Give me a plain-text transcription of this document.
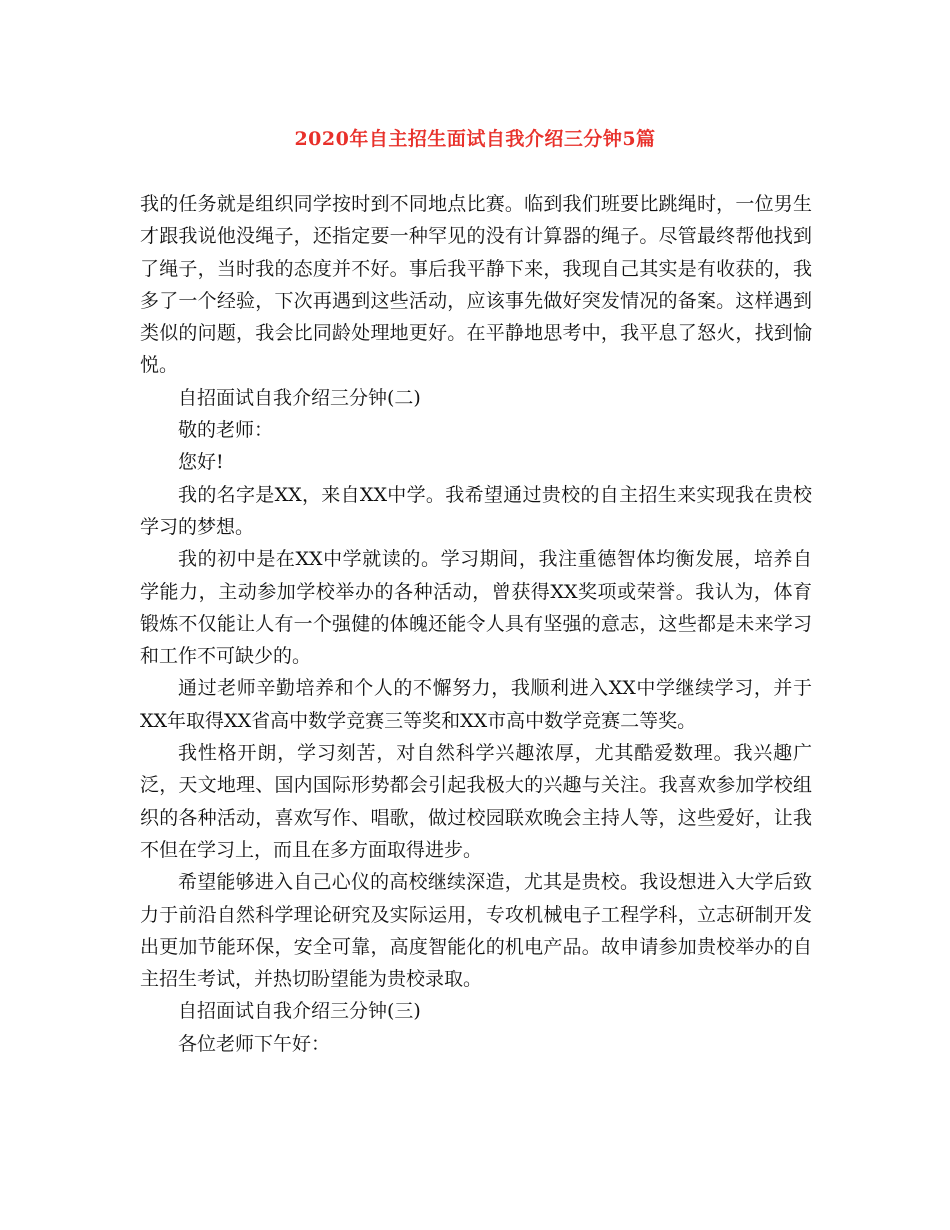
2020年自主招生面试自我介绍三分钟5篇

我的任务就是组织同学按时到不同地点比赛。临到我们班要比跳绳时，一位男生才跟我说他没绳子，还指定要一种罕见的没有计算器的绳子。尽管最终帮他找到了绳子，当时我的态度并不好。事后我平静下来，我现自己其实是有收获的，我多了一个经验，下次再遇到这些活动，应该事先做好突发情况的备案。这样遇到类似的问题，我会比同龄处理地更好。在平静地思考中，我平息了怒火，找到愉悦。

自招面试自我介绍三分钟(二)

敬的老师：

您好!

我的名字是XX，来自XX中学。我希望通过贵校的自主招生来实现我在贵校学习的梦想。

我的初中是在XX中学就读的。学习期间，我注重德智体均衡发展，培养自学能力，主动参加学校举办的各种活动，曾获得XX奖项或荣誉。我认为，体育锻炼不仅能让人有一个强健的体魄还能令人具有坚强的意志，这些都是未来学习和工作不可缺少的。

通过老师辛勤培养和个人的不懈努力，我顺利进入XX中学继续学习，并于XX年取得XX省高中数学竞赛三等奖和XX市高中数学竞赛二等奖。

我性格开朗，学习刻苦，对自然科学兴趣浓厚，尤其酷爱数理。我兴趣广泛，天文地理、国内国际形势都会引起我极大的兴趣与关注。我喜欢参加学校组织的各种活动，喜欢写作、唱歌，做过校园联欢晚会主持人等，这些爱好，让我不但在学习上，而且在多方面取得进步。

希望能够进入自己心仪的高校继续深造，尤其是贵校。我设想进入大学后致力于前沿自然科学理论研究及实际运用，专攻机械电子工程学科，立志研制开发出更加节能环保，安全可靠，高度智能化的机电产品。故申请参加贵校举办的自主招生考试，并热切盼望能为贵校录取。

自招面试自我介绍三分钟(三)

各位老师下午好：
